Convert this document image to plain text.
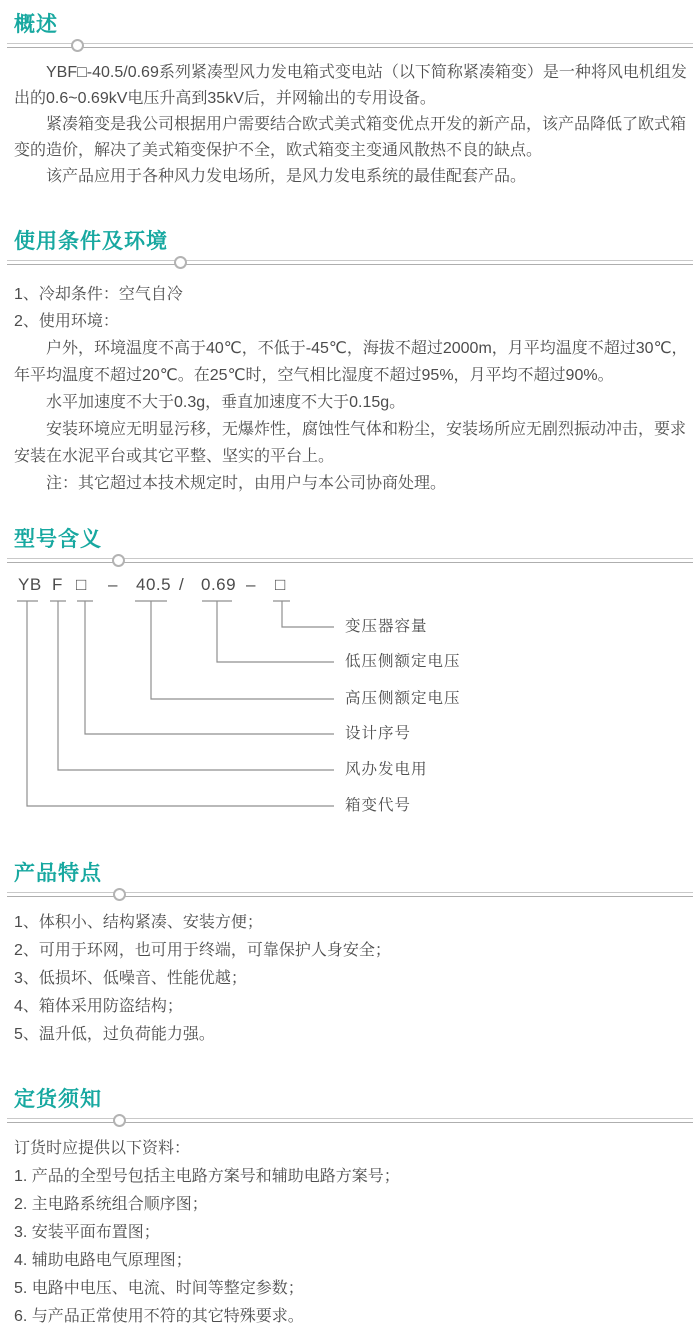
概述

YBF□-40.5/0.69系列紧凑型风力发电箱式变电站（以下简称紧凑箱变）是一种将风电机组发出的0.6~0.69kV电压升高到35kV后，并网输出的专用设备。

紧凑箱变是我公司根据用户需要结合欧式美式箱变优点开发的新产品，该产品降低了欧式箱变的造价，解决了美式箱变保护不全，欧式箱变主变通风散热不良的缺点。

该产品应用于各种风力发电场所，是风力发电系统的最佳配套产品。

使用条件及环境

1、冷却条件：空气自冷

2、使用环境：

户外，环境温度不高于40℃，不低于-45℃，海拔不超过2000m，月平均温度不超过30℃，年平均温度不超过20℃。在25℃时，空气相比湿度不超过95%，月平均不超过90%。

水平加速度不大于0.3g，垂直加速度不大于0.15g。

安装环境应无明显污移，无爆炸性，腐蚀性气体和粉尘，安装场所应无剧烈振动冲击，要求安装在水泥平台或其它平整、坚实的平台上。

注：其它超过本技术规定时，由用户与本公司协商处理。

型号含义
YB F □ – 40.5 / 0.69 – □
变压器容量
低压侧额定电压
高压侧额定电压
设计序号
风办发电用
箱变代号
产品特点

1、体积小、结构紧凑、安装方便；

2、可用于环网，也可用于终端，可靠保护人身安全；

3、低损坏、低噪音、性能优越；

4、箱体采用防盗结构；

5、温升低，过负荷能力强。

定货须知

订货时应提供以下资料：

1. 产品的全型号包括主电路方案号和辅助电路方案号；

2. 主电路系统组合顺序图；

3. 安装平面布置图；

4. 辅助电路电气原理图；

5. 电路中电压、电流、时间等整定参数；

6. 与产品正常使用不符的其它特殊要求。
